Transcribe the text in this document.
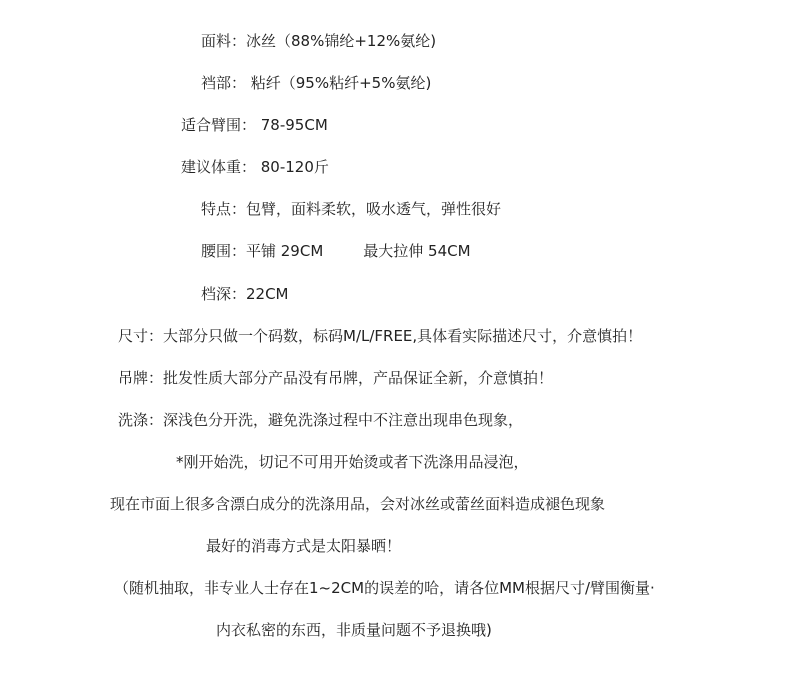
面料：冰丝（88%锦纶+12%氨纶)
裆部： 粘纤（95%粘纤+5%氨纶)
适合臂围： 78-95CM
建议体重： 80-120斤
特点：包臂，面料柔软，吸水透气，弹性很好
腰围：平铺 29CM	最大拉伸 54CM
档深：22CM
尺寸：大部分只做一个码数，标码M/L/FREE,具体看实际描述尺寸，介意慎拍！
吊牌：批发性质大部分产品没有吊牌，产品保证全新，介意慎拍！
洗涤：深浅色分开洗，避免洗涤过程中不注意出现串色现象，
*刚开始洗，切记不可用开始烫或者下洗涤用品浸泡，
现在市面上很多含漂白成分的洗涤用品，会对冰丝或蕾丝面料造成褪色现象
最好的消毒方式是太阳暴晒！
（随机抽取，非专业人士存在1~2CM的误差的哈，请各位MM根据尺寸/臂围衡量·
内衣私密的东西，非质量问题不予退换哦)
